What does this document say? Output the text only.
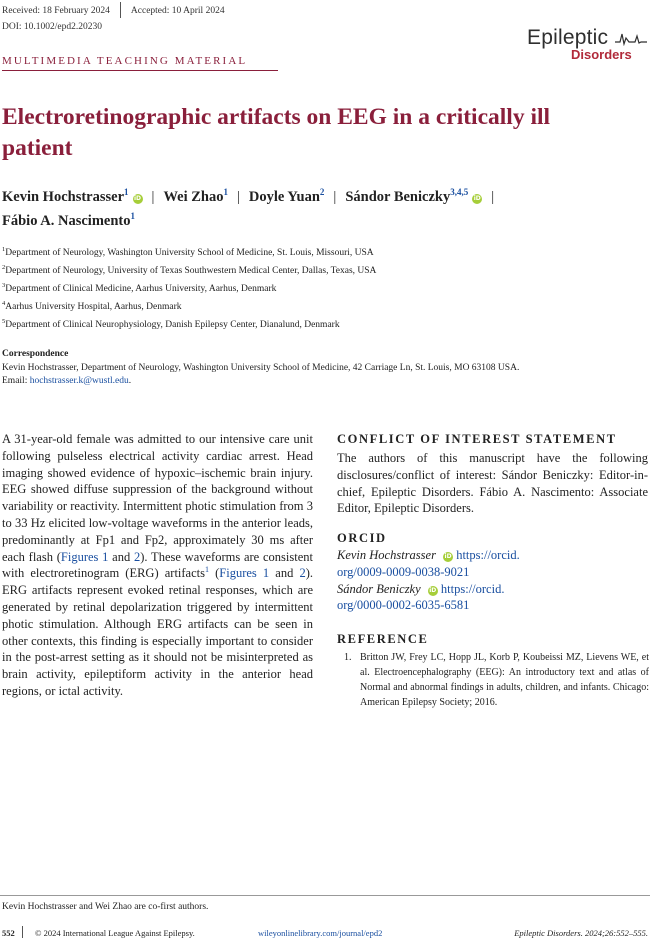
Received: 18 February 2024 Accepted: 10 April 2024
DOI: 10.1002/epd2.20230	Epileptic
Disorders
MULTIMEDIA TEACHING MATERIAL
Electroretinographic artifacts on EEG in a critically ill patient
Kevin Hochstrasser$^1$iD | Wei Zhao$^1$ | Doyle Yuan$^2$ | Sándor Beniczky$^{3,4,5}$iD |
Fábio A. Nascimento$^1$
$^1$Department of Neurology, Washington University School of Medicine, St. Louis, Missouri, USA
$^2$Department of Neurology, University of Texas Southwestern Medical Center, Dallas, Texas, USA
$^3$Department of Clinical Medicine, Aarhus University, Aarhus, Denmark
$^4$Aarhus University Hospital, Aarhus, Denmark
$^5$Department of Clinical Neurophysiology, Danish Epilepsy Center, Dianalund, Denmark
Correspondence
Kevin Hochstrasser, Department of Neurology, Washington University School of Medicine, 42 Carriage Ln, St. Louis, MO 63108 USA.
Email: hochstrasser.k@wustl.edu.

A 31-year-old female was admitted to our intensive care unit following pulseless electrical activity cardiac arrest. Head imaging showed evidence of hypoxic–ischemic brain injury. EEG showed diffuse suppression of the background without variability or reactivity. Intermittent photic stimulation from 3 to 33 Hz elicited low-voltage waveforms in the anterior leads, predominantly at Fp1 and Fp2, approximately 30 ms after each flash (Figures 1 and 2). These waveforms are consistent with electroretinogram (ERG) artifacts$^1$ (Figures 1 and 2). ERG artifacts represent evoked retinal responses, which are generated by retinal depolarization triggered by intermittent photic stimulation. Although ERG artifacts can be seen in other contexts, this finding is especially important to consider in the post-arrest setting as it should not be misinterpreted as brain activity, epileptiform activity in the anterior head regions, or ictal activity.

CONFLICT OF INTEREST STATEMENT

The authors of this manuscript have the following disclosures/conflict of interest: Sándor Beniczky: Editor-in-chief, Epileptic Disorders. Fábio A. Nascimento: Associate Editor, Epileptic Disorders.

ORCID
Kevin Hochstrasser iD https://orcid.
org/0009-0009-0038-9021
Sándor Beniczky iD https://orcid.
org/0000-0002-6035-6581
REFERENCE
1. Britton JW, Frey LC, Hopp JL, Korb P, Koubeissi MZ, Lievens WE, et al. Electroencephalography (EEG): An introductory text and atlas of Normal and abnormal findings in adults, children, and infants. Chicago: American Epilepsy Society; 2016.
Kevin Hochstrasser and Wei Zhao are co-first authors.
552 © 2024 International League Against Epilepsy.	wileyonlinelibrary.com/journal/epd2	Epileptic Disorders. 2024;26:552–555.
